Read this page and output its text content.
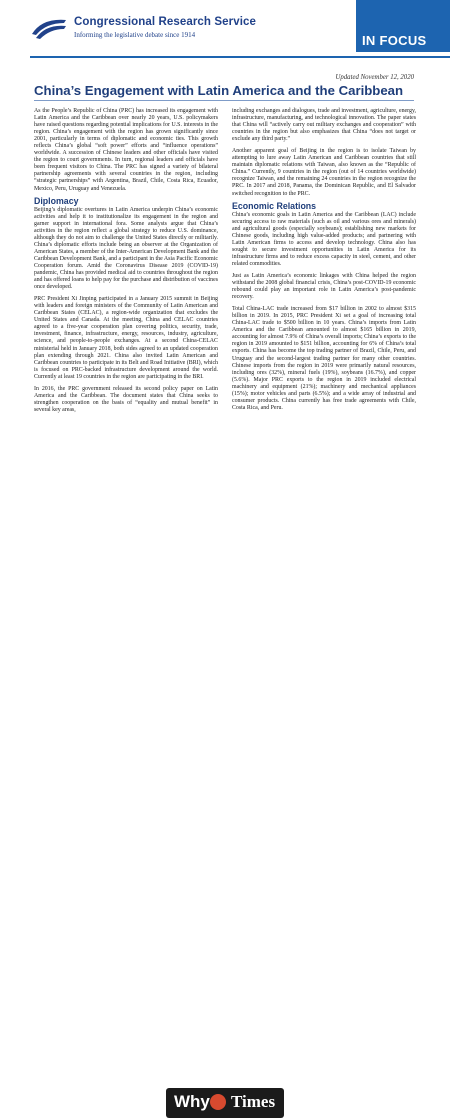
Congressional Research Service
Informing the legislative debate since 1914	IN FOCUS
Updated November 12, 2020
China’s Engagement with Latin America and the Caribbean

As the People’s Republic of China (PRC) has increased its engagement with Latin America and the Caribbean over nearly 20 years, U.S. policymakers have raised questions regarding potential implications for U.S. interests in the region. China’s engagement with the region has grown significantly since 2001, particularly in terms of diplomatic and economic ties. This growth reflects China’s global “soft power” efforts and “influence operations” worldwide. A succession of Chinese leaders and other officials have visited the region to court governments. In turn, regional leaders and officials have been frequent visitors to China. The PRC has signed a variety of bilateral partnership agreements with several countries in the region, including “strategic partnerships” with Argentina, Brazil, Chile, Costa Rica, Ecuador, Mexico, Peru, Uruguay and Venezuela.

Diplomacy

Beijing’s diplomatic overtures in Latin America underpin China’s economic activities and help it to institutionalize its engagement in the region and garner support in international fora. Some analysts argue that China’s activities in the region reflect a global strategy to reduce U.S. dominance, although they do not aim to challenge the United States directly or militarily. China’s diplomatic efforts include being an observer at the Organization of American States, a member of the Inter-American Development Bank and the Caribbean Development Bank, and a participant in the Asia Pacific Economic Cooperation forum. Amid the Coronavirus Disease 2019 (COVID-19) pandemic, China has provided medical aid to countries throughout the region and has offered loans to help pay for the purchase and distribution of vaccines once developed.

PRC President Xi Jinping participated in a January 2015 summit in Beijing with leaders and foreign ministers of the Community of Latin American and Caribbean States (CELAC), a region-wide organization that excludes the United States and Canada. At the meeting, China and CELAC countries agreed to a five-year cooperation plan covering politics, security, trade, investment, finance, infrastructure, energy, resources, industry, agriculture, science, and people-to-people exchanges. At a second China-CELAC ministerial held in January 2018, both sides agreed to an updated cooperation plan extending through 2021. China also invited Latin American and Caribbean countries to participate in its Belt and Road Initiative (BRI), which is focused on PRC-backed infrastructure development around the world. Currently at least 19 countries in the region are participating in the BRI.

In 2016, the PRC government released its second policy paper on Latin America and the Caribbean. The document states that China seeks to strengthen cooperation on the basis of “equality and mutual benefit” in several key areas,

including exchanges and dialogues, trade and investment, agriculture, energy, infrastructure, manufacturing, and technological innovation. The paper states that China will “actively carry out military exchanges and cooperation” with countries in the region but also emphasizes that China “does not target or exclude any third party.”

Another apparent goal of Beijing in the region is to isolate Taiwan by attempting to lure away Latin American and Caribbean countries that still maintain diplomatic relations with Taiwan, also known as the “Republic of China.” Currently, 9 countries in the region (out of 14 countries worldwide) recognize Taiwan, and the remaining 24 countries in the region recognize the PRC. In 2017 and 2018, Panama, the Dominican Republic, and El Salvador switched recognition to the PRC.

Economic Relations

China’s economic goals in Latin America and the Caribbean (LAC) include securing access to raw materials (such as oil and various ores and minerals) and agricultural goods (especially soybeans); establishing new markets for Chinese goods, including high value-added products; and partnering with Latin American firms to access and develop technology. China also has sought to secure investment opportunities in Latin America for its infrastructure firms and to reduce excess capacity in steel, cement, and other related commodities.

Just as Latin America’s economic linkages with China helped the region withstand the 2008 global financial crisis, China’s post-COVID-19 economic rebound could play an important role in Latin America’s post-pandemic recovery.

Total China-LAC trade increased from $17 billion in 2002 to almost $315 billion in 2019. In 2015, PRC President Xi set a goal of increasing total China-LAC trade to $500 billion in 10 years. China’s imports from Latin America and the Caribbean amounted to almost $165 billion in 2019, accounting for almost 7.9% of China’s overall imports; China’s exports to the region in 2019 amounted to $151 billion, accounting for 6% of China’s total exports. China has become the top trading partner of Brazil, Chile, Peru, and Uruguay and the second-largest trading partner for many other countries. Chinese imports from the region in 2019 were primarily natural resources, including ores (32%), mineral fuels (19%), soybeans (16.7%), and copper (5.6%). Major PRC exports to the region in 2019 included electrical machinery and equipment (21%); machinery and mechanical appliances (15%); motor vehicles and parts (6.5%); and a wide array of industrial and consumer products. China currently has free trade agreements with Chile, Costa Rica, and Peru.

Why Times
